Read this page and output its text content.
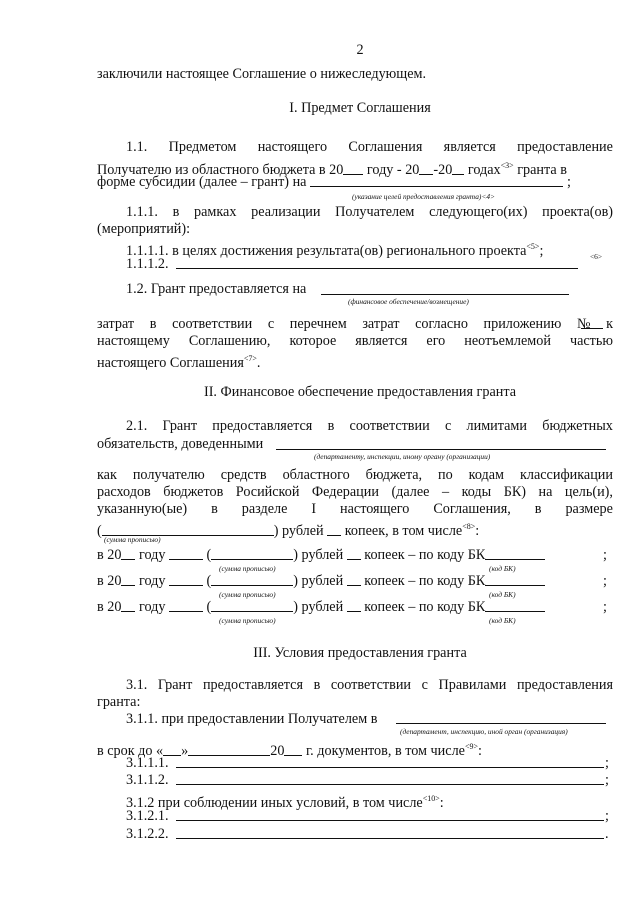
2
заключили настоящее Соглашение о нижеследующем.
I. Предмет Соглашения
1.1. Предметом настоящего Соглашения является предоставление
Получателю из областного бюджета в 20 году - 20 -20 годах$^{<3>}$ гранта в
форме субсидии (далее – грант) на	;
(указание целей предоставления гранта)<4>
1.1.1. в рамках реализации Получателем следующего(их) проекта(ов)
(мероприятий):
1.1.1.1. в целях достижения результата(ов) регионального проекта$^{<5>}$;
1.1.1.2.	<6>
1.2. Грант предоставляется на
(финансовое обеспечение/возмещение)
затрат в соответствии с перечнем затрат согласно приложению № к
настоящему Соглашению, которое является его неотъемлемой частью
настоящего Соглашения$^{<7>}$.
II. Финансовое обеспечение предоставления гранта
2.1. Грант предоставляется в соответствии с лимитами бюджетных
обязательств, доведенными
(департаменту, инспекции, иному органу (организации)
как получателю средств областного бюджета, по кодам классификации
расходов бюджетов Росийской Федерации (далее – коды БК) на цель(и),
указанную(ые) в разделе I настоящего Соглашения, в размере
(	) рублей  копеек, в том числе$^{<8>}$:
(сумма прописью)
в 20 году	(	) рублей  копеек – по коду БК	;
(сумма прописью)	(код БК)
в 20 году	(	) рублей  копеек – по коду БК	;
(сумма прописью)	(код БК)
в 20 году	(	) рублей  копеек – по коду БК	;
(сумма прописью)	(код БК)
III. Условия предоставления гранта
3.1. Грант предоставляется в соответствии с Правилами предоставления
гранта:
3.1.1. при предоставлении Получателем в
(департамент, инспекцию, иной орган (организация)
в срок до « »	20 г. документов, в том числе$^{<9>}$:
3.1.1.1.	;
3.1.1.2.	;
3.1.2 при соблюдении иных условий, в том числе$^{<10>}$:
3.1.2.1.	;
3.1.2.2.	.
